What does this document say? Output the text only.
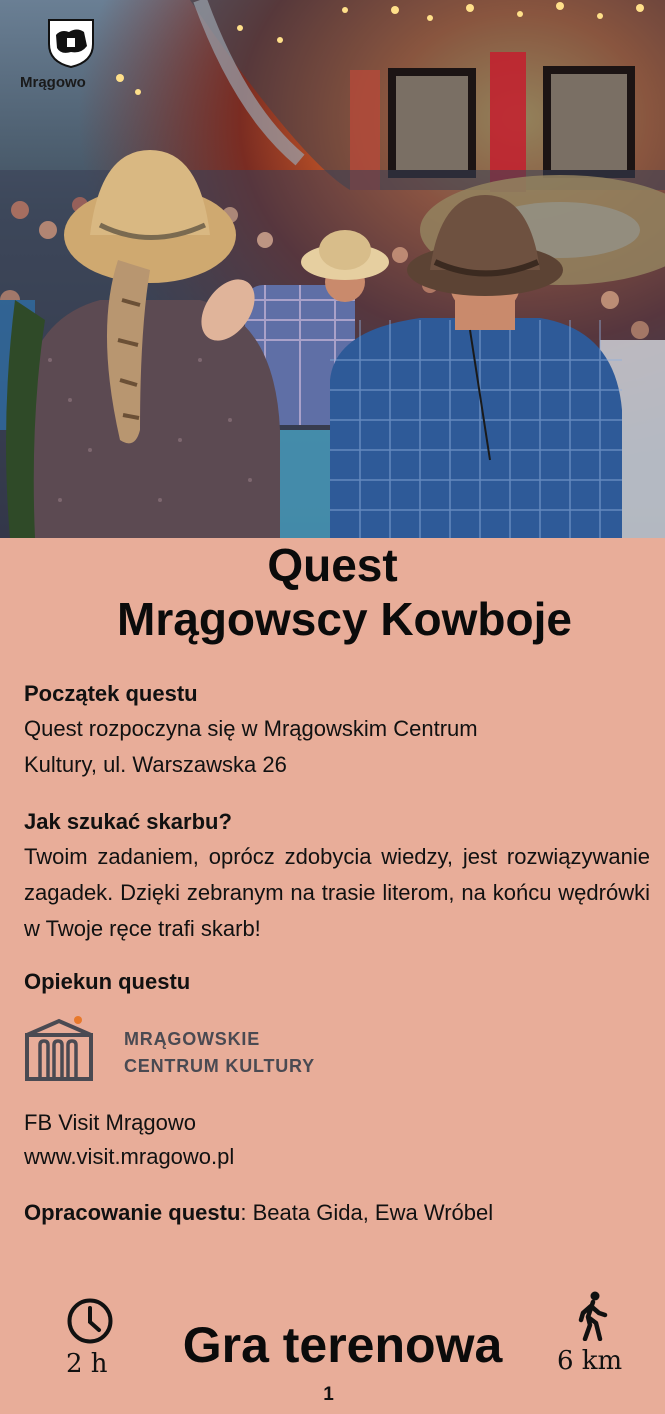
Mrągowo
Quest
Mrągowscy Kowboje
Początek questu
Quest rozpoczyna się w Mrągowskim Centrum
Kultury, ul. Warszawska 26
Jak szukać skarbu?
Twoim zadaniem, oprócz zdobycia wiedzy, jest rozwiązywanie zagadek. Dzięki zebranym na trasie literom, na końcu wędrówki w Twoje ręce trafi skarb!
Opiekun questu
MRĄGOWSKIE
CENTRUM KULTURY
FB Visit Mrągowo
www.visit.mragowo.pl
Opracowanie questu: Beata Gida, Ewa Wróbel
2 h	Gra terenowa	6 km
1
